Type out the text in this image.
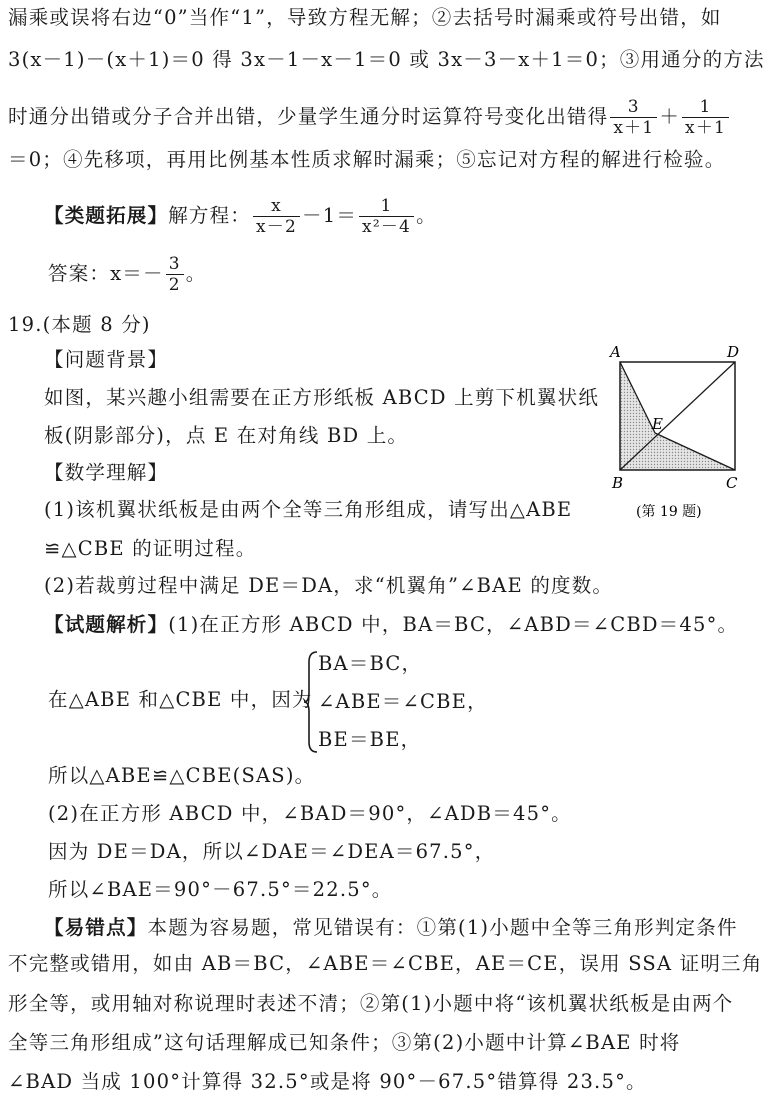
漏乘或误将右边“0”当作“1”，导致方程无解；②去括号时漏乘或符号出错，如
3(x－1)－(x＋1)＝0 得 3x－1－x－1＝0 或 3x－3－x＋1＝0；③用通分的方法
时通分出错或分子合并出错，少量学生通分时运算符号变化出错得 $\frac{3}{x+1} + \frac{1}{x+1}$
＝0；④先移项，再用比例基本性质求解时漏乘；⑤忘记对方程的解进行检验。
【类题拓展】解方程： $\frac{x}{x-2} -1= \frac{1}{\text{x²－4}}$ 。
答案：$x=- \frac{3}{2}$ 。
19.(本题 8 分)
【问题背景】
如图，某兴趣小组需要在正方形纸板 ABCD 上剪下机翼状纸
板(阴影部分)，点 E 在对角线 BD 上。
【数学理解】
(1)该机翼状纸板是由两个全等三角形组成，请写出△ABE
≌△CBE 的证明过程。
(2)若裁剪过程中满足 DE＝DA，求“机翼角”∠BAE 的度数。
【试题解析】(1)在正方形 ABCD 中，BA＝BC，∠ABD＝∠CBD＝45°。
在△ABE 和△CBE 中，因为
BA＝BC，
∠ABE＝∠CBE，
BE＝BE，
所以△ABE≌△CBE(SAS)。
(2)在正方形 ABCD 中，∠BAD＝90°，∠ADB＝45°。
因为 DE＝DA，所以∠DAE＝∠DEA＝67.5°，
所以∠BAE＝90°－67.5°＝22.5°。
【易错点】本题为容易题，常见错误有：①第(1)小题中全等三角形判定条件
不完整或错用，如由 AB＝BC，∠ABE＝∠CBE，AE＝CE，误用 SSA 证明三角
形全等，或用轴对称说理时表述不清；②第(1)小题中将“该机翼状纸板是由两个
全等三角形组成”这句话理解成已知条件；③第(2)小题中计算∠BAE 时将
∠BAD 当成 100°计算得 32.5°或是将 90°－67.5°错算得 23.5°。
A	D
E
B	C
(第 19 题)
